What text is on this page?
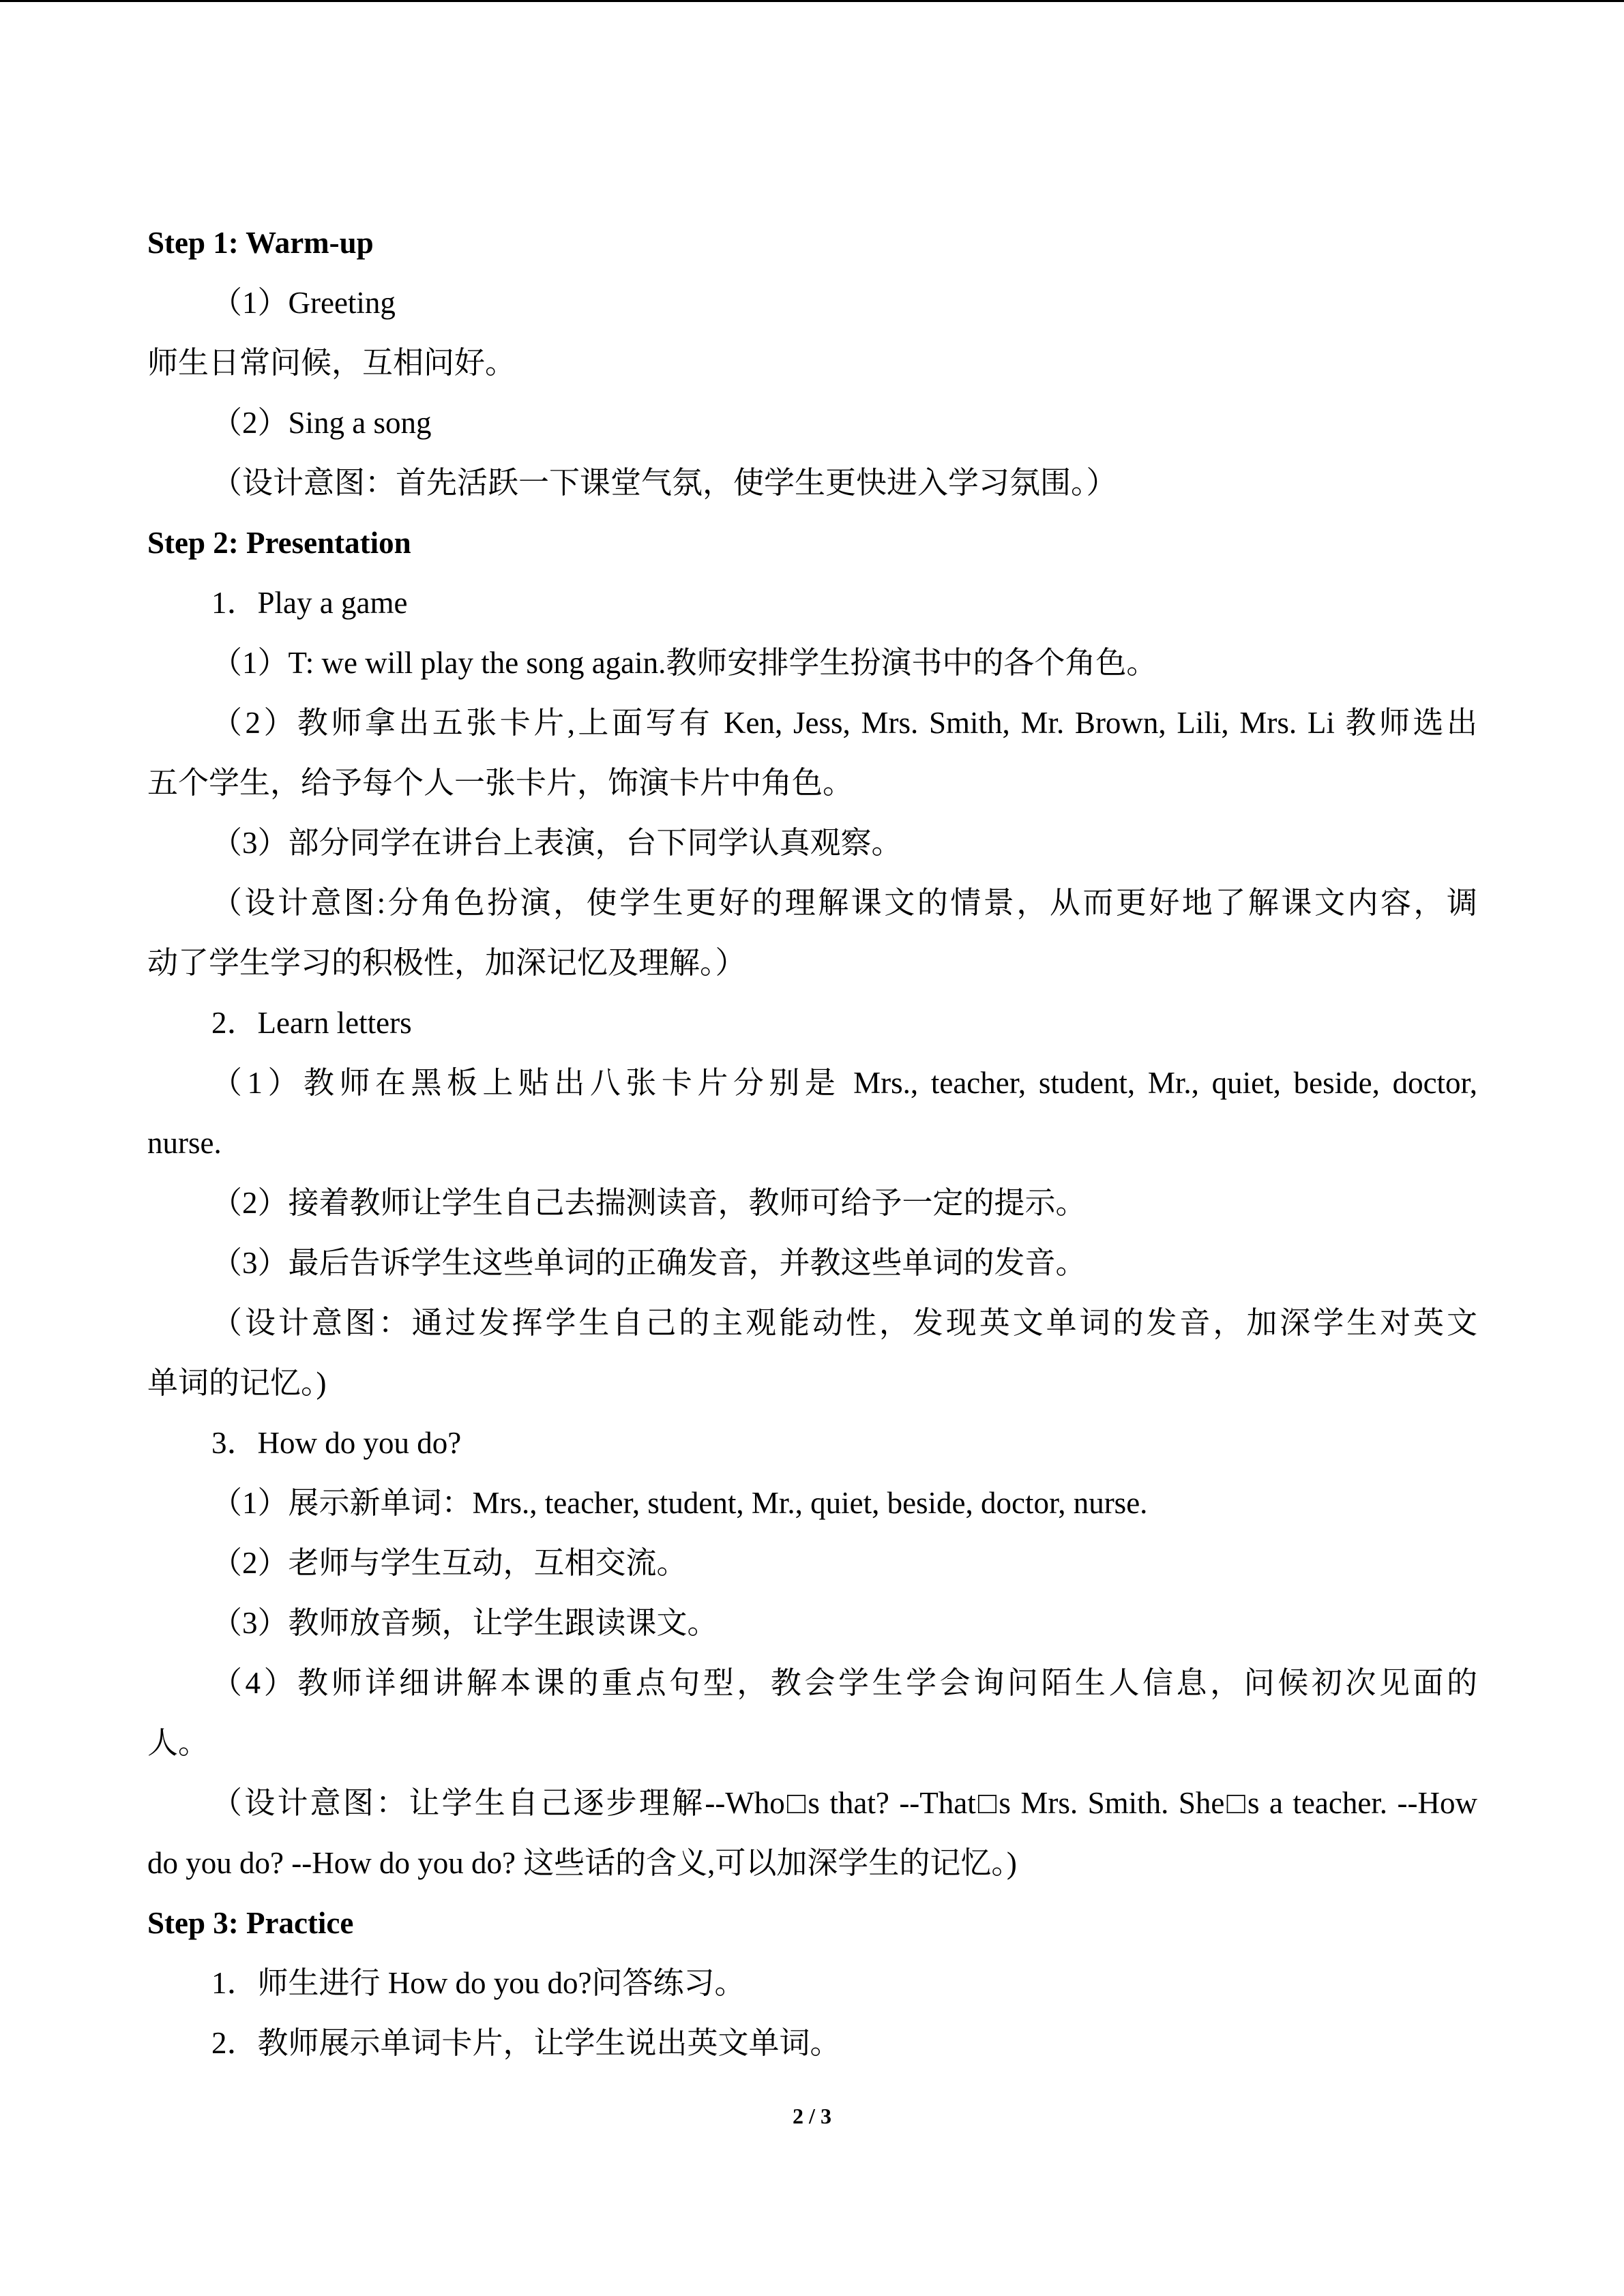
Step 1: Warm-up
（1）Greeting
师生日常问候，互相问好。
（2）Sing a song
（设计意图：首先活跃一下课堂气氛，使学生更快进入学习氛围。）
Step 2: Presentation
1．Play a game
（1）T: we will play the song again.教师安排学生扮演书中的各个角色。
（2）教师拿出五张卡片,上面写有 Ken, Jess, Mrs. Smith, Mr. Brown, Lili, Mrs. Li 教师选出
五个学生，给予每个人一张卡片，饰演卡片中角色。
（3）部分同学在讲台上表演，台下同学认真观察。
（设计意图:分角色扮演，使学生更好的理解课文的情景，从而更好地了解课文内容，调
动了学生学习的积极性，加深记忆及理解。）
2．Learn letters
（1）教师在黑板上贴出八张卡片分别是 Mrs., teacher, student, Mr., quiet, beside, doctor,
nurse.
（2）接着教师让学生自己去揣测读音，教师可给予一定的提示。
（3）最后告诉学生这些单词的正确发音，并教这些单词的发音。
（设计意图：通过发挥学生自己的主观能动性，发现英文单词的发音，加深学生对英文
单词的记忆。)
3．How do you do?
（1）展示新单词：Mrs., teacher, student, Mr., quiet, beside, doctor, nurse.
（2）老师与学生互动，互相交流。
（3）教师放音频，让学生跟读课文。
（4）教师详细讲解本课的重点句型，教会学生学会询问陌生人信息，问候初次见面的
人。
（设计意图：让学生自己逐步理解--Who□s that? --That□s Mrs. Smith. She□s a teacher. --How
do you do? --How do you do? 这些话的含义,可以加深学生的记忆。)
Step 3: Practice
1．师生进行 How do you do?问答练习。
2．教师展示单词卡片，让学生说出英文单词。
2 / 3
